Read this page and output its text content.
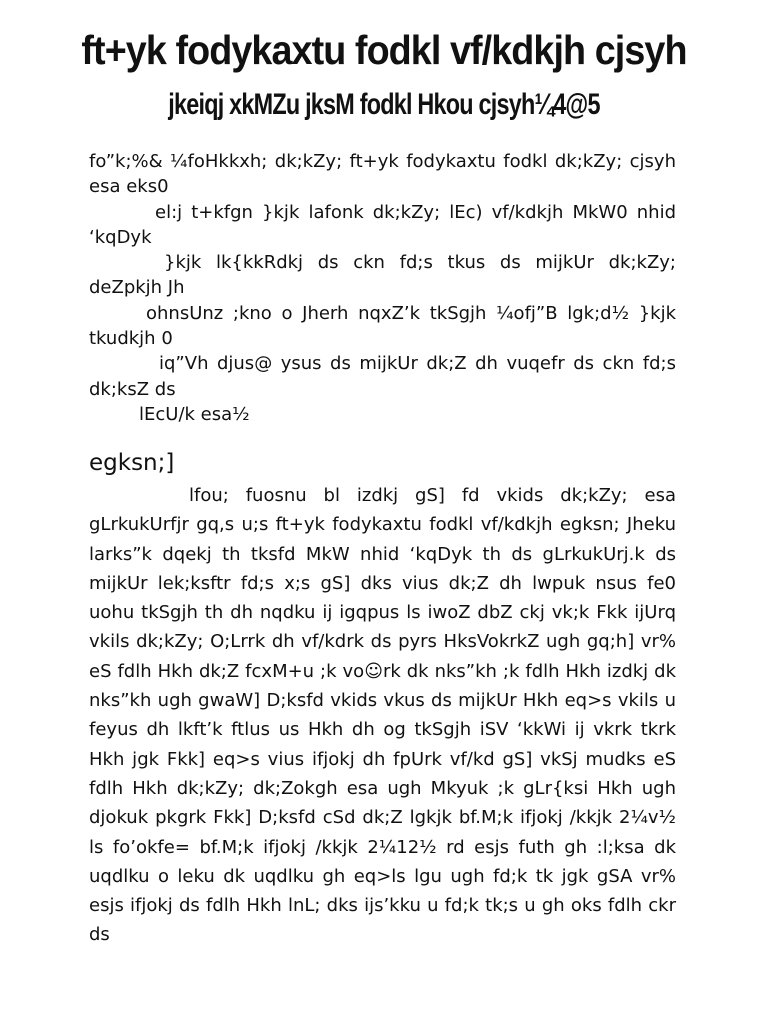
ft+yk fodykaxtu fodkl vf/kdkjh cjsyh
jkeiqj xkMZu jksM fodkl Hkou cjsyh¼4@5

fo”k;%& ¼foHkkxh; dk;kZy; ft+yk fodykaxtu fodkl dk;kZy; cjsyh esa eks0

el:j t+kfgn }kjk lafonk dk;kZy; lEc) vf/kdkjh MkW0 nhid ‘kqDyk

}kjk lk{kkRdkj ds ckn fd;s tkus ds mijkUr dk;kZy; deZpkjh Jh

ohnsUnz ;kno o Jherh nqxZ’k tkSgjh ¼ofj”B lgk;d½ }kjk tkudkjh 0

iq”Vh djus@ ysus ds mijkUr dk;Z dh vuqefr ds ckn fd;s dk;ksZ ds

lEcU/k esa½

egksn;]

lfou; fuosnu bl izdkj gS] fd vkids dk;kZy; esa gLrkukUrfjr gq,s u;s ft+yk fodykaxtu fodkl vf/kdkjh egksn; Jheku larks”k dqekj th tksfd MkW nhid ‘kqDyk th ds gLrkukUrj.k ds mijkUr lek;ksftr fd;s x;s gS] dks vius dk;Z dh lwpuk nsus fe0 uohu tkSgjh th dh nqdku ij igqpus ls iwoZ dbZ ckj vk;k Fkk ijUrq vkils dk;kZy; O;Lrrk dh vf/kdrk ds pyrs HksVokrkZ ugh gq;h] vr% eS fdlh Hkh dk;Z fcxM+u ;k vo☺rk dk nks”kh ;k fdlh Hkh izdkj dk nks”kh ugh gwaW] D;ksfd vkids vkus ds mijkUr Hkh eq>s vkils u feyus dh lkft’k ftlus us Hkh dh og tkSgjh iSV ‘kkWi ij vkrk tkrk Hkh jgk Fkk] eq>s vius ifjokj dh fpUrk vf/kd gS] vkSj mudks eS fdlh Hkh dk;kZy; dk;Zokgh esa ugh Mkyuk ;k gLr{ksi Hkh ugh djokuk pkgrk Fkk] D;ksfd cSd dk;Z lgkjk bf.M;k ifjokj /kkjk 2¼v½ ls fo’okfe= bf.M;k ifjokj /kkjk 2¼12½ rd esjs futh gh :l;ksa dk uqdlku o leku dk uqdlku gh eq>ls lgu ugh fd;k tk jgk gSA vr% esjs ifjokj ds fdlh Hkh lnL; dks ijs’kku u fd;k tk;s u gh oks fdlh ckr ds
